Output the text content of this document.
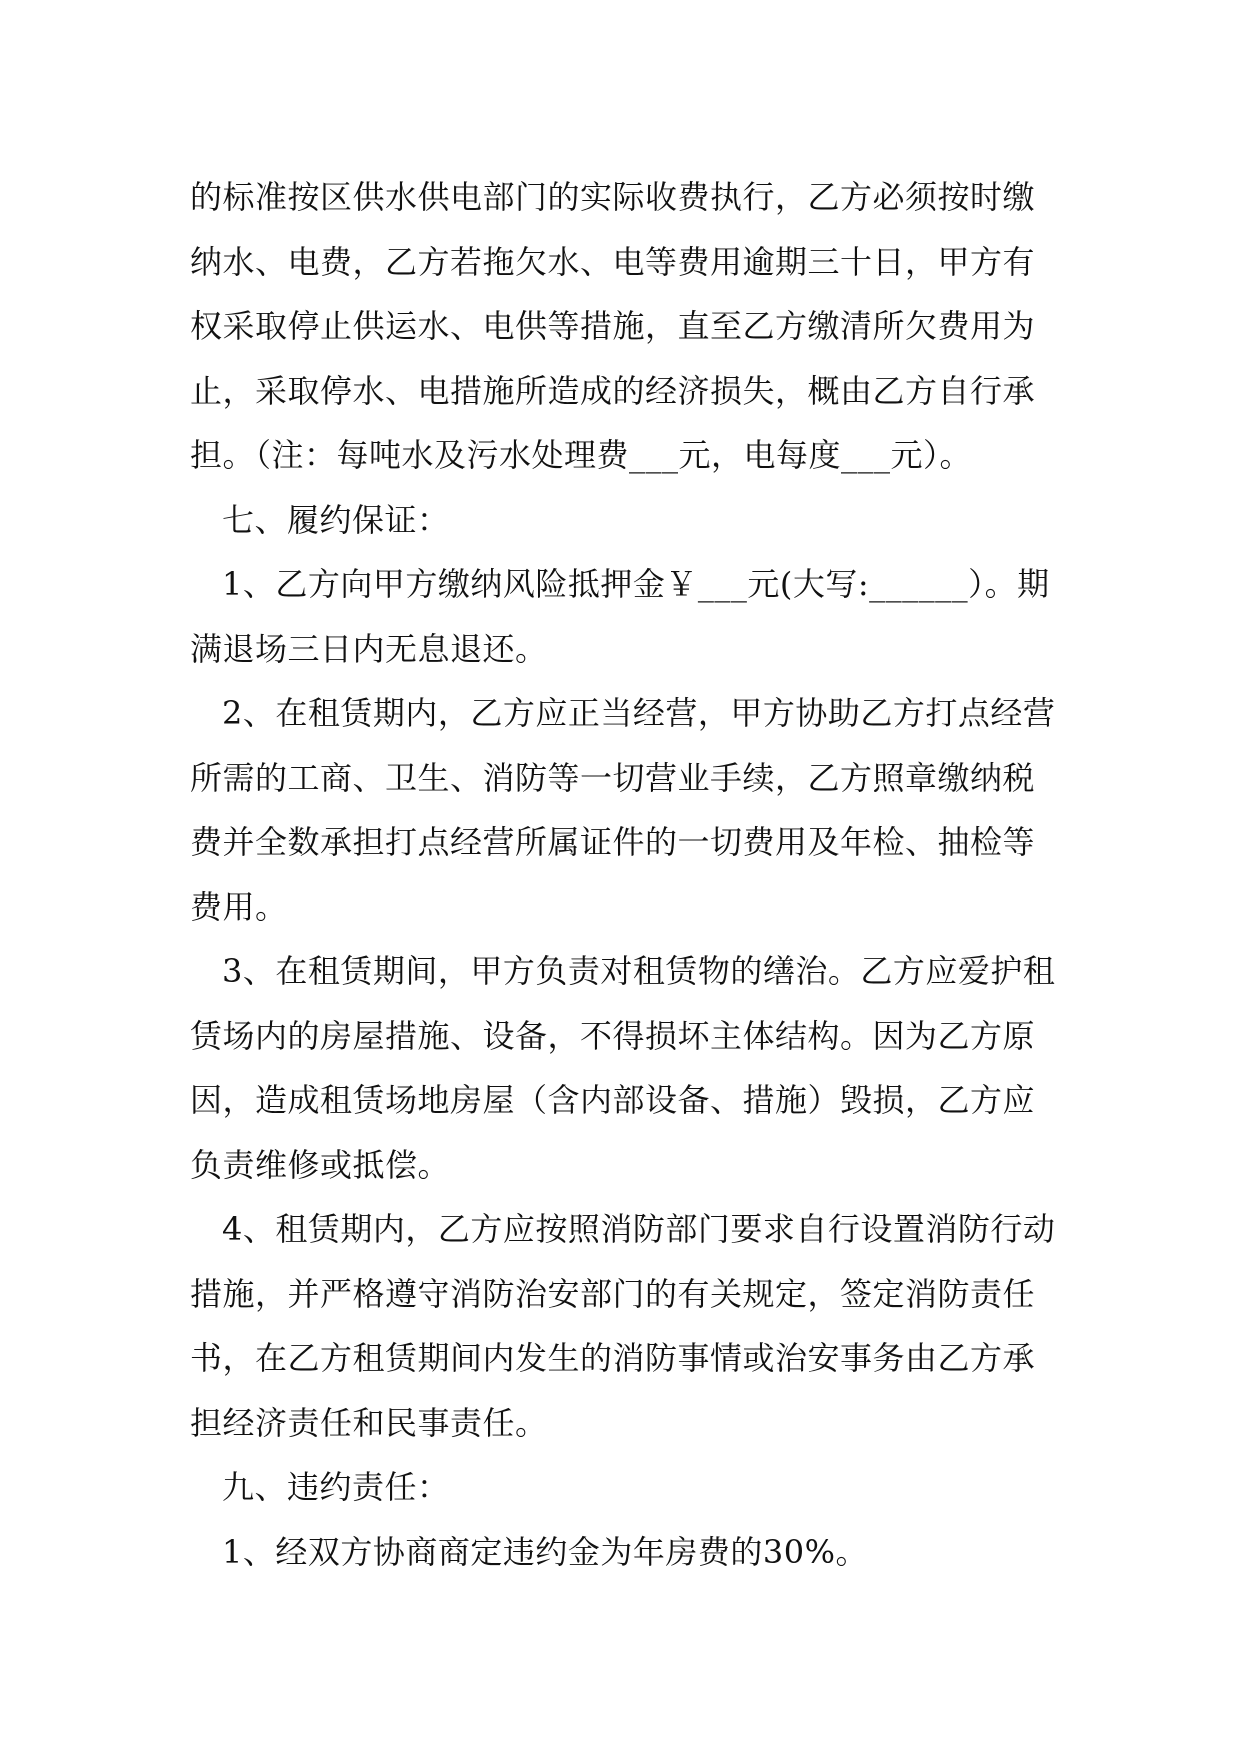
的标准按区供水供电部门的实际收费执行，乙方必须按时缴纳水、电费，乙方若拖欠水、电等费用逾期三十日，甲方有权采取停止供运水、电供等措施，直至乙方缴清所欠费用为止，采取停水、电措施所造成的经济损失，概由乙方自行承担。（注：每吨水及污水处理费___元，电每度___元）。

七、履约保证：

1、乙方向甲方缴纳风险抵押金￥___元(大写:______）。期满退场三日内无息退还。

2、在租赁期内，乙方应正当经营，甲方协助乙方打点经营所需的工商、卫生、消防等一切营业手续，乙方照章缴纳税费并全数承担打点经营所属证件的一切费用及年检、抽检等费用。

3、在租赁期间，甲方负责对租赁物的缮治。乙方应爱护租赁场内的房屋措施、设备，不得损坏主体结构。因为乙方原因，造成租赁场地房屋（含内部设备、措施）毁损，乙方应负责维修或抵偿。

4、租赁期内，乙方应按照消防部门要求自行设置消防行动措施，并严格遵守消防治安部门的有关规定，签定消防责任书，在乙方租赁期间内发生的消防事情或治安事务由乙方承担经济责任和民事责任。

九、违约责任：

1、经双方协商商定违约金为年房费的30%。
